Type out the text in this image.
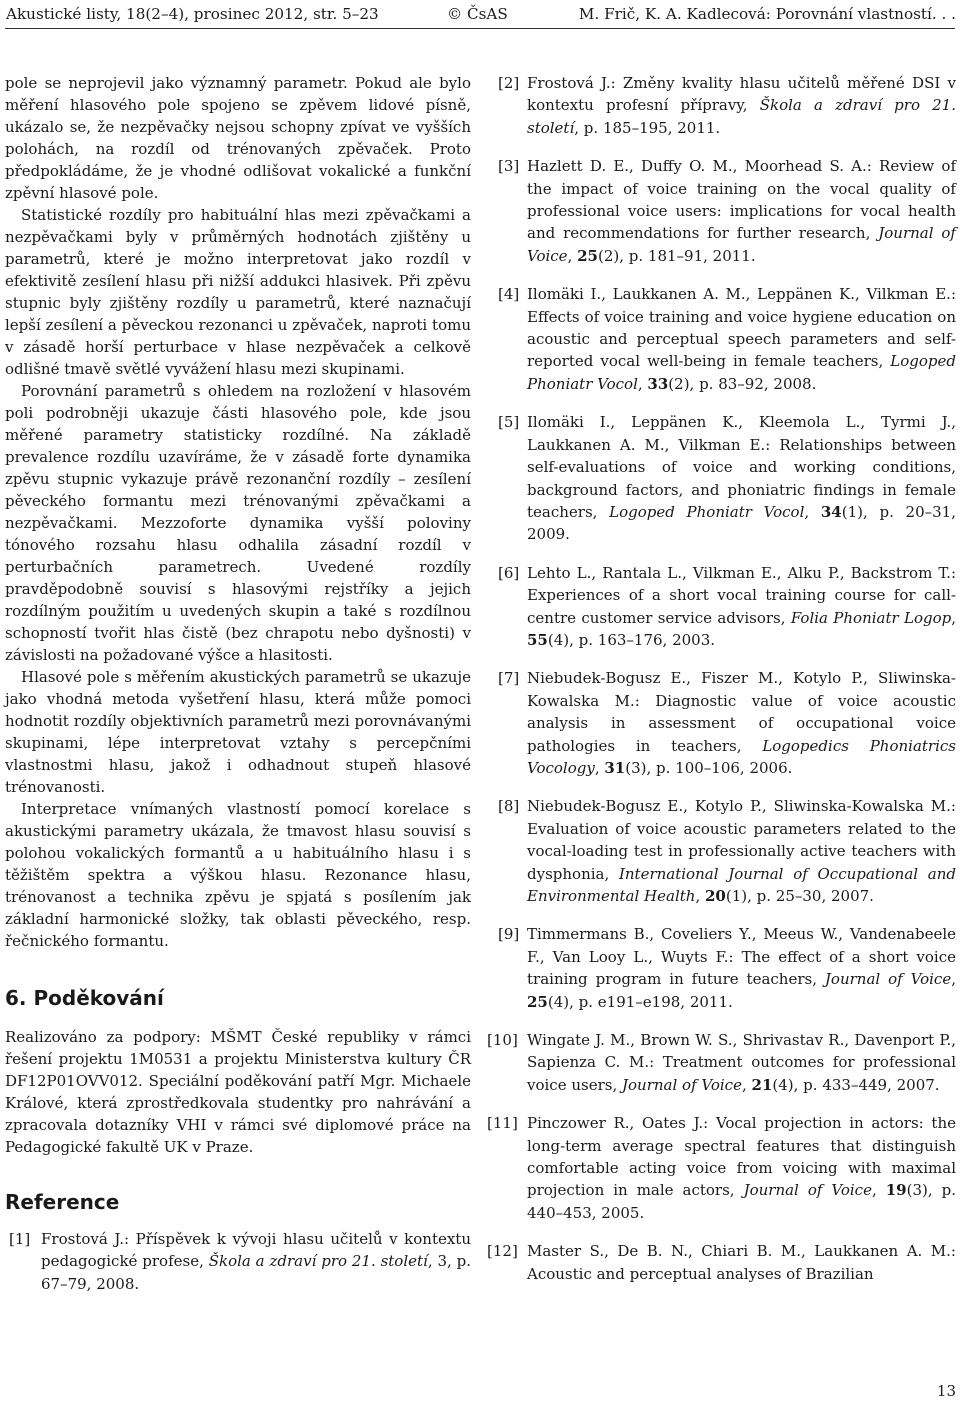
Akustické listy, 18(2–4), prosinec 2012, str. 5–23	© ČsAS	M. Frič, K. A. Kadlecová: Porovnání vlastností. . .

pole se neprojevil jako významný parametr. Pokud ale bylo měření hlasového pole spojeno se zpěvem lidové písně, ukázalo se, že nezpěvačky nejsou schopny zpívat ve vyšších polohách, na rozdíl od trénovaných zpěvaček. Proto předpokládáme, že je vhodné odlišovat vokalické a funkční zpěvní hlasové pole.

Statistické rozdíly pro habituální hlas mezi zpěvačkami a nezpěvačkami byly v průměrných hodnotách zjištěny u parametrů, které je možno interpretovat jako rozdíl v efektivitě zesílení hlasu při nižší addukci hlasivek. Při zpěvu stupnic byly zjištěny rozdíly u parametrů, které naznačují lepší zesílení a pěveckou rezonanci u zpěvaček, naproti tomu v zásadě horší perturbace v hlase nezpěvaček a celkově odlišné tmavě světlé vyvážení hlasu mezi skupinami.

Porovnání parametrů s ohledem na rozložení v hlasovém poli podrobněji ukazuje části hlasového pole, kde jsou měřené parametry statisticky rozdílné. Na základě prevalence rozdílu uzavíráme, že v zásadě forte dynamika zpěvu stupnic vykazuje právě rezonanční rozdíly – zesílení pěveckého formantu mezi trénovanými zpěvačkami a nezpěvačkami. Mezzoforte dynamika vyšší poloviny tónového rozsahu hlasu odhalila zásadní rozdíl v perturbačních parametrech. Uvedené rozdíly pravděpodobně souvisí s hlasovými rejstříky a jejich rozdílným použitím u uvedených skupin a také s rozdílnou schopností tvořit hlas čistě (bez chrapotu nebo dyšnosti) v závislosti na požadované výšce a hlasitosti.

Hlasové pole s měřením akustických parametrů se ukazuje jako vhodná metoda vyšetření hlasu, která může pomoci hodnotit rozdíly objektivních parametrů mezi porovnávanými skupinami, lépe interpretovat vztahy s percepčními vlastnostmi hlasu, jakož i odhadnout stupeň hlasové trénovanosti.

Interpretace vnímaných vlastností pomocí korelace s akustickými parametry ukázala, že tmavost hlasu souvisí s polohou vokalických formantů a u habituálního hlasu i s těžištěm spektra a výškou hlasu. Rezonance hlasu, trénovanost a technika zpěvu je spjatá s posílením jak základní harmonické složky, tak oblasti pěveckého, resp. řečnického formantu.

6. Poděkování

Realizováno za podpory: MŠMT České republiky v rámci řešení projektu 1M0531 a projektu Ministerstva kultury ČR DF12P01OVV012. Speciální poděkování patří Mgr. Michaele Králové, která zprostředkovala studentky pro nahrávání a zpracovala dotazníky VHI v rámci své diplomové práce na Pedagogické fakultě UK v Praze.

Reference
[1] Frostová J.: Příspěvek k vývoji hlasu učitelů v kontextu pedagogické profese, Škola a zdraví pro 21. století, 3, p. 67–79, 2008.
[2] Frostová J.: Změny kvality hlasu učitelů měřené DSI v kontextu profesní přípravy, Škola a zdraví pro 21. století, p. 185–195, 2011.
[3] Hazlett D. E., Duffy O. M., Moorhead S. A.: Review of the impact of voice training on the vocal quality of professional voice users: implications for vocal health and recommendations for further research, Journal of Voice, 25(2), p. 181–91, 2011.
[4] Ilomäki I., Laukkanen A. M., Leppänen K., Vilkman E.: Effects of voice training and voice hygiene education on acoustic and perceptual speech parameters and self-reported vocal well-being in female teachers, Logoped Phoniatr Vocol, 33(2), p. 83–92, 2008.
[5] Ilomäki I., Leppänen K., Kleemola L., Tyrmi J., Laukkanen A. M., Vilkman E.: Relationships between self-evaluations of voice and working conditions, background factors, and phoniatric findings in female teachers, Logoped Phoniatr Vocol, 34(1), p. 20–31, 2009.
[6] Lehto L., Rantala L., Vilkman E., Alku P., Backstrom T.: Experiences of a short vocal training course for call-centre customer service advisors, Folia Phoniatr Logop, 55(4), p. 163–176, 2003.
[7] Niebudek-Bogusz E., Fiszer M., Kotylo P., Sliwinska-Kowalska M.: Diagnostic value of voice acoustic analysis in assessment of occupational voice pathologies in teachers, Logopedics Phoniatrics Vocology, 31(3), p. 100–106, 2006.
[8] Niebudek-Bogusz E., Kotylo P., Sliwinska-Kowalska M.: Evaluation of voice acoustic parameters related to the vocal-loading test in professionally active teachers with dysphonia, International Journal of Occupational and Environmental Health, 20(1), p. 25–30, 2007.
[9] Timmermans B., Coveliers Y., Meeus W., Vandenabeele F., Van Looy L., Wuyts F.: The effect of a short voice training program in future teachers, Journal of Voice, 25(4), p. e191–e198, 2011.
[10] Wingate J. M., Brown W. S., Shrivastav R., Davenport P., Sapienza C. M.: Treatment outcomes for professional voice users, Journal of Voice, 21(4), p. 433–449, 2007.
[11] Pinczower R., Oates J.: Vocal projection in actors: the long-term average spectral features that distinguish comfortable acting voice from voicing with maximal projection in male actors, Journal of Voice, 19(3), p. 440–453, 2005.
[12] Master S., De B. N., Chiari B. M., Laukkanen A. M.: Acoustic and perceptual analyses of Brazilian
13
